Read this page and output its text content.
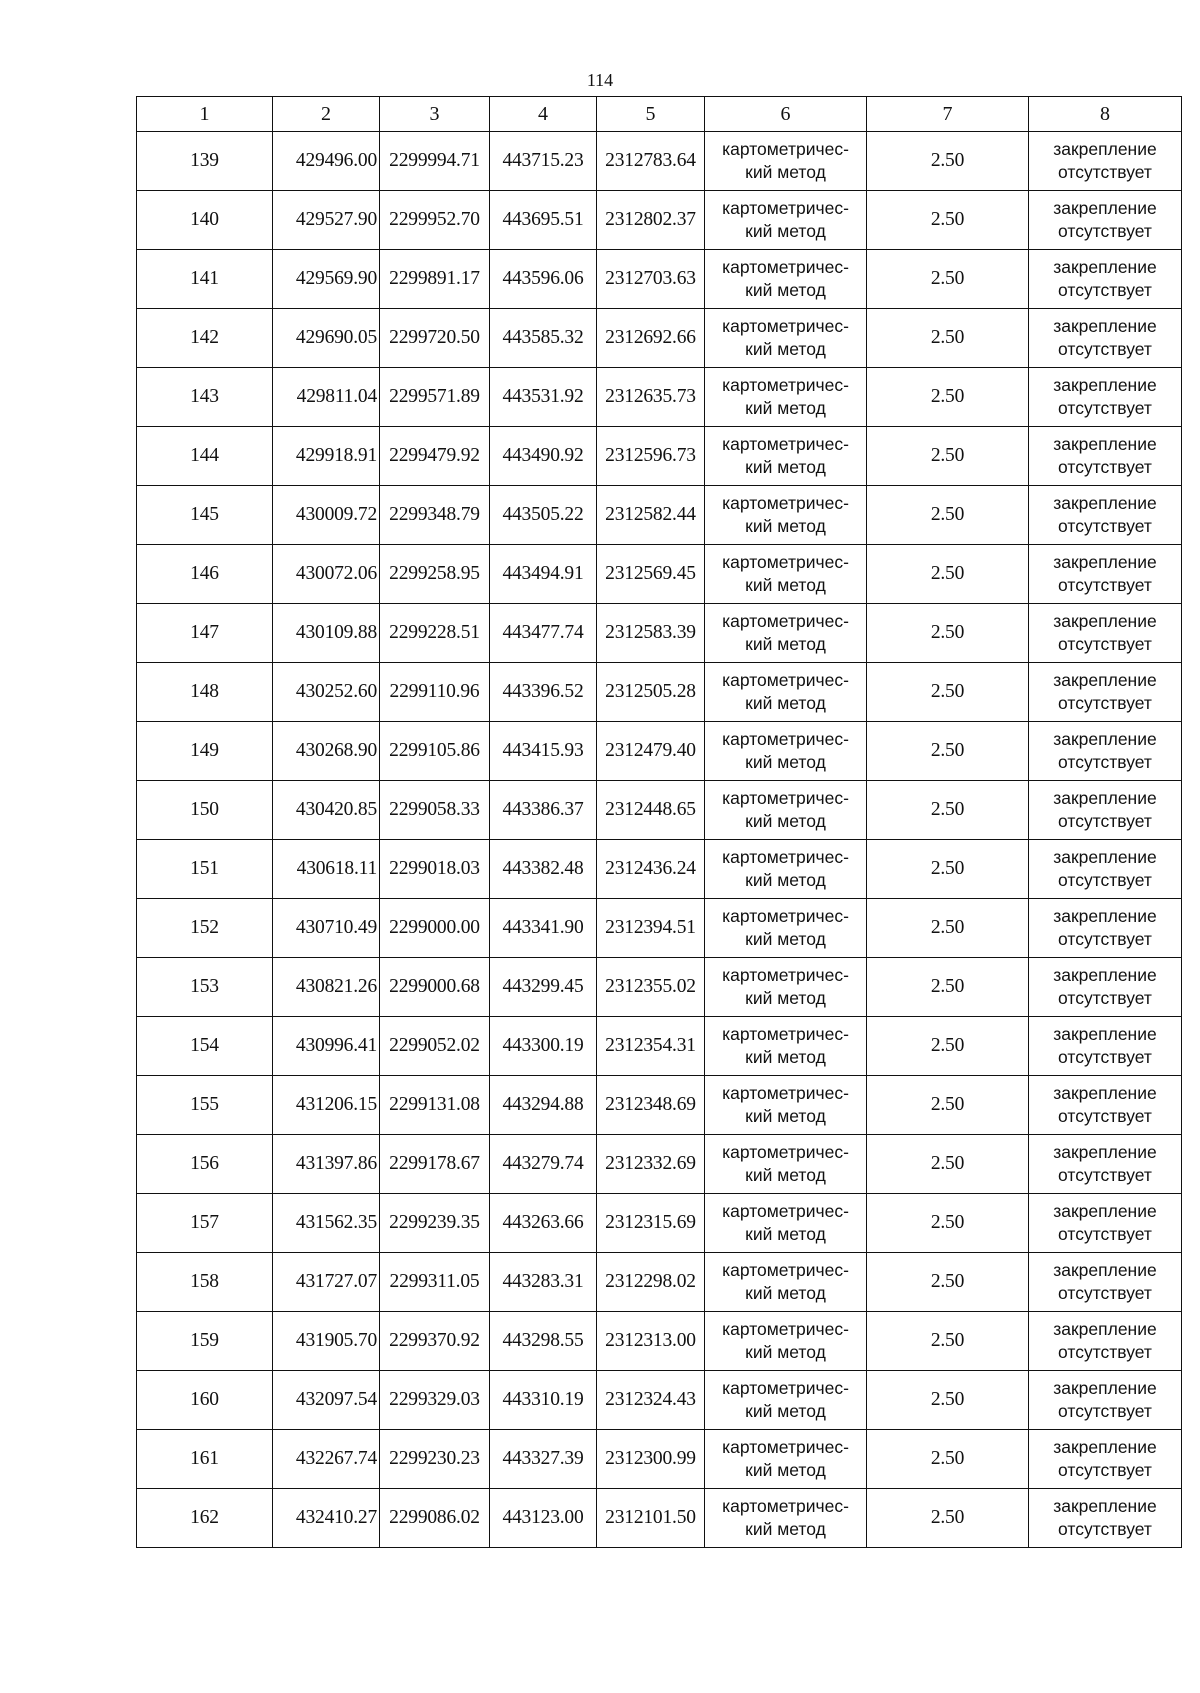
114
1	2	3	4	5	6	7	8
139	429496.00	2299994.71	443715.23	2312783.64	картометричес-
кий метод	2.50	закрепление
отсутствует

140	429527.90	2299952.70	443695.51	2312802.37	картометричес-
кий метод	2.50	закрепление
отсутствует

141	429569.90	2299891.17	443596.06	2312703.63	картометричес-
кий метод	2.50	закрепление
отсутствует

142	429690.05	2299720.50	443585.32	2312692.66	картометричес-
кий метод	2.50	закрепление
отсутствует

143	429811.04	2299571.89	443531.92	2312635.73	картометричес-
кий метод	2.50	закрепление
отсутствует

144	429918.91	2299479.92	443490.92	2312596.73	картометричес-
кий метод	2.50	закрепление
отсутствует

145	430009.72	2299348.79	443505.22	2312582.44	картометричес-
кий метод	2.50	закрепление
отсутствует

146	430072.06	2299258.95	443494.91	2312569.45	картометричес-
кий метод	2.50	закрепление
отсутствует

147	430109.88	2299228.51	443477.74	2312583.39	картометричес-
кий метод	2.50	закрепление
отсутствует

148	430252.60	2299110.96	443396.52	2312505.28	картометричес-
кий метод	2.50	закрепление
отсутствует

149	430268.90	2299105.86	443415.93	2312479.40	картометричес-
кий метод	2.50	закрепление
отсутствует

150	430420.85	2299058.33	443386.37	2312448.65	картометричес-
кий метод	2.50	закрепление
отсутствует

151	430618.11	2299018.03	443382.48	2312436.24	картометричес-
кий метод	2.50	закрепление
отсутствует

152	430710.49	2299000.00	443341.90	2312394.51	картометричес-
кий метод	2.50	закрепление
отсутствует

153	430821.26	2299000.68	443299.45	2312355.02	картометричес-
кий метод	2.50	закрепление
отсутствует

154	430996.41	2299052.02	443300.19	2312354.31	картометричес-
кий метод	2.50	закрепление
отсутствует

155	431206.15	2299131.08	443294.88	2312348.69	картометричес-
кий метод	2.50	закрепление
отсутствует

156	431397.86	2299178.67	443279.74	2312332.69	картометричес-
кий метод	2.50	закрепление
отсутствует

157	431562.35	2299239.35	443263.66	2312315.69	картометричес-
кий метод	2.50	закрепление
отсутствует

158	431727.07	2299311.05	443283.31	2312298.02	картометричес-
кий метод	2.50	закрепление
отсутствует

159	431905.70	2299370.92	443298.55	2312313.00	картометричес-
кий метод	2.50	закрепление
отсутствует

160	432097.54	2299329.03	443310.19	2312324.43	картометричес-
кий метод	2.50	закрепление
отсутствует

161	432267.74	2299230.23	443327.39	2312300.99	картометричес-
кий метод	2.50	закрепление
отсутствует

162	432410.27	2299086.02	443123.00	2312101.50	картометричес-
кий метод	2.50	закрепление
отсутствует
